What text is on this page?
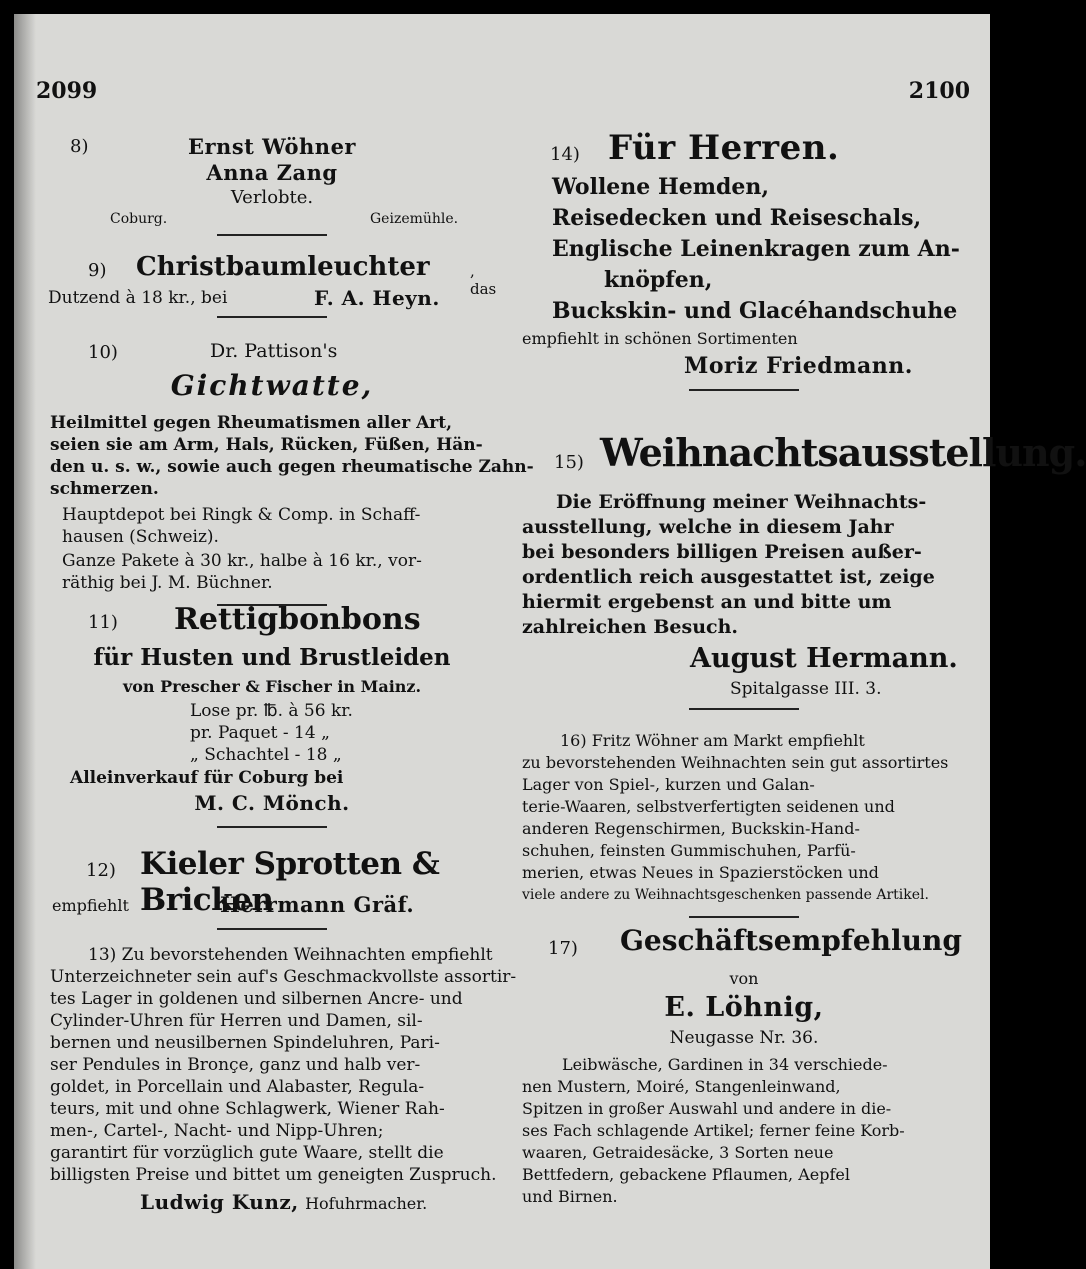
2099	2100
8)	Ernst Wöhner
Anna Zang
Verlobte.
Coburg.	Geizemühle.
9)	Christbaumleuchter	, das
Dutzend à 18 kr., bei	F. A. Heyn.
10)	Dr. Pattison's
Gichtwatte,
Heilmittel gegen Rheumatismen aller Art,
seien sie am Arm, Hals, Rücken, Füßen, Hän-
den u. s. w., sowie auch gegen rheumatische Zahn-
schmerzen.
Hauptdepot bei Ringk & Comp. in Schaff-
hausen (Schweiz).
Ganze Pakete à 30 kr., halbe à 16 kr., vor-
räthig bei J. M. Büchner.
11)	Rettigbonbons
für Husten und Brustleiden
von Prescher & Fischer in Mainz.
Lose pr. ℔. à 56 kr.
pr. Paquet - 14 „
„ Schachtel - 18 „
Alleinverkauf für Coburg bei
M. C. Mönch.
12) Kieler Sprotten & Bricken
empfiehlt	Herrmann Gräf.
13) Zu bevorstehenden Weihnachten empfiehlt
Unterzeichneter sein auf's Geschmackvollste assortir-
tes Lager in goldenen und silbernen Ancre- und
Cylinder-Uhren für Herren und Damen, sil-
bernen und neusilbernen Spindeluhren, Pari-
ser Pendules in Bronçe, ganz und halb ver-
goldet, in Porcellain und Alabaster, Regula-
teurs, mit und ohne Schlagwerk, Wiener Rah-
men-, Cartel-, Nacht- und Nipp-Uhren;
garantirt für vorzüglich gute Waare, stellt die
billigsten Preise und bittet um geneigten Zuspruch.
Ludwig Kunz, Hofuhrmacher.
14) Für Herren.
Wollene Hemden,
Reisedecken und Reiseschals,
Englische Leinenkragen zum An-
knöpfen,
Buckskin- und Glacéhandschuhe
empfiehlt in schönen Sortimenten
Moriz Friedmann.
15) Weihnachtsausstellung.
Die Eröffnung meiner Weihnachts-
ausstellung, welche in diesem Jahr
bei besonders billigen Preisen außer-
ordentlich reich ausgestattet ist, zeige
hiermit ergebenst an und bitte um
zahlreichen Besuch.
August Hermann.
Spitalgasse III. 3.
16) Fritz Wöhner am Markt empfiehlt
zu bevorstehenden Weihnachten sein gut assortirtes
Lager von Spiel-, kurzen und Galan-
terie-Waaren, selbstverfertigten seidenen und
anderen Regenschirmen, Buckskin-Hand-
schuhen, feinsten Gummischuhen, Parfü-
merien, etwas Neues in Spazierstöcken und
viele andere zu Weihnachtsgeschenken passende Artikel.
17)	Geschäftsempfehlung
von
E. Löhnig,
Neugasse Nr. 36.
Leibwäsche, Gardinen in 34 verschiede-
nen Mustern, Moiré, Stangenleinwand,
Spitzen in großer Auswahl und andere in die-
ses Fach schlagende Artikel; ferner feine Korb-
waaren, Getraidesäcke, 3 Sorten neue
Bettfedern, gebackene Pflaumen, Aepfel
und Birnen.
